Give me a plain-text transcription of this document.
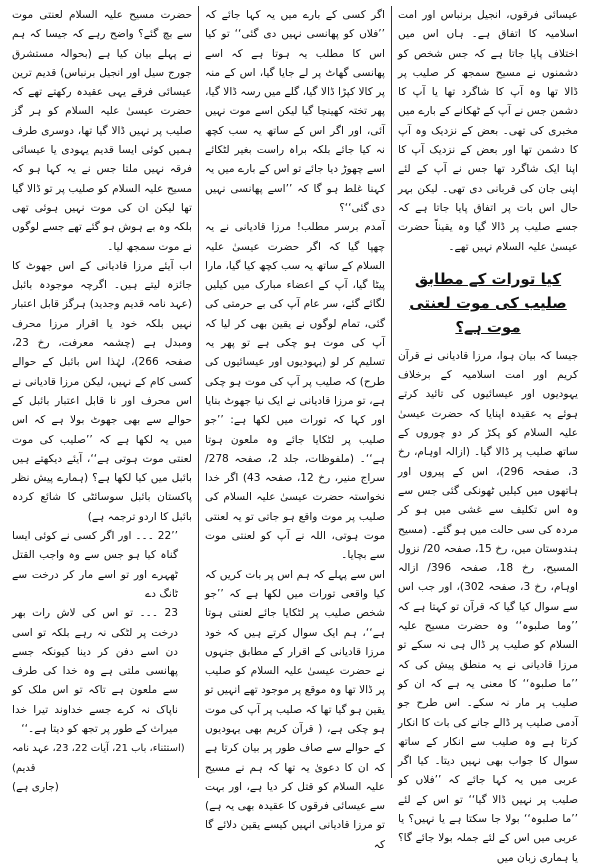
عیسائی فرقوں، انجیل برنباس اور امت اسلامیہ کا اتفاق ہے۔ ہاں اس میں اختلاف پایا جاتا ہے کہ جس شخص کو دشمنوں نے مسیح سمجھ کر صلیب پر ڈالا تھا وہ آپ کا شاگرد تھا یا آپ کا دشمن جس نے آپ کے ٹھکانے کے بارے میں مخبری کی تھی۔ بعض کے نزدیک وہ آپ کا دشمن تھا اور بعض کے نزدیک آپ کا اپنا ایک شاگرد تھا جس نے آپ کے لئے اپنی جان کی قربانی دی تھی۔ لیکن بہر حال اس بات پر اتفاق پایا جاتا ہے کہ جسے صلیب پر ڈالا گیا وہ یقیناً حضرت عیسیٰ علیہ السلام نہیں تھے۔

کیا تورات کے مطابق صلیب کی موت لعنتی موت ہے؟

جیسا کہ بیان ہوا، مرزا قادیانی نے قرآن کریم اور امت اسلامیہ کے برخلاف یہودیوں اور عیسائیوں کی تائید کرتے ہوئے یہ عقیدہ اپنایا کہ حضرت عیسیٰ علیہ السلام کو پکڑ کر دو چوروں کے ساتھ صلیب پر ڈالا گیا۔ (ازالہ اوہام، رخ 3، صفحہ 296)، اس کے پیروں اور ہاتھوں میں کیلیں ٹھونکی گئی جس سے وہ اس تکلیف سے غشی میں ہو کر مردہ کی سی حالت میں ہو گئے۔ (مسیح ہندوستان میں، رخ 15، صفحہ 20/ نزول المسیح، رخ 18، صفحہ 396/ ازالہ اوہام، رخ 3، صفحہ 302)، اور جب اس سے سوال کیا گیا کہ قرآن تو کہتا ہے کہ ’’وما صلبوہ‘‘ وہ حضرت مسیح علیہ السلام کو صلیب پر ڈال ہی نہ سکے تو مرزا قادیانی نے یہ منطق پیش کی کہ ’’ما صلبوہ‘‘ کا معنی یہ ہے کہ ان کو صلیب پر مار نہ سکے۔ اس طرح جو آدمی صلیب پر ڈالے جانے کی بات کا انکار کرتا ہے وہ صلیب سے انکار کے ساتھ سوال کا جواب بھی نہیں دیتا۔ کیا اگر عربی میں یہ کہا جائے کہ ’’فلاں کو صلیب پر نہیں ڈالا گیا‘‘ تو اس کے لئے ’’ما صلبوہ‘‘ بولا جا سکتا ہے یا نہیں؟ یا عربی میں اس کے لئے جملہ بولا جائے گا؟ یا ہماری زبان میں

اگر کسی کے بارے میں یہ کہا جائے کہ ’’فلاں کو پھانسی نہیں دی گئی‘‘ تو کیا اس کا مطلب یہ ہوتا ہے کہ اسے پھانسی گھاٹ پر لے جایا گیا، اس کے منہ پر کالا کپڑا ڈالا گیا، گلے میں رسہ ڈالا گیا، پھر تختہ کھینچا گیا لیکن اسے موت نہیں آئی، اور اگر اس کے ساتھ یہ سب کچھ نہ کیا جائے بلکہ براہ راست بغیر لٹکائے اسے چھوڑ دیا جائے تو اس کے بارے میں یہ کہنا غلط ہو گا کہ ’’اسے پھانسی نہیں دی گئی‘‘؟

آمدم برسر مطلب! مرزا قادیانی نے یہ چھپا گیا کہ اگر حضرت عیسیٰ علیہ السلام کے ساتھ یہ سب کچھ کیا گیا، مارا پیٹا گیا، آپ کے اعضاء مبارک میں کیلیں لگائے گئے، سر عام آپ کی بے حرمتی کی گئی، تمام لوگوں نے یقین بھی کر لیا کہ آپ کی موت ہو چکی ہے تو پھر یہ تسلیم کر لو (یہودیوں اور عیسائیوں کی طرح) کہ صلیب پر آپ کی موت ہو چکی ہے، تو مرزا قادیانی نے ایک نیا جھوٹ بنایا اور کہا کہ تورات میں لکھا ہے: ’’جو صلیب پر لٹکایا جائے وہ ملعون ہوتا ہے‘‘۔ (ملفوظات، جلد 2، صفحہ 278/ سراج منیر، رخ 12، صفحہ 43) اگر خدا نخواستہ حضرت عیسیٰ علیہ السلام کی صلیب پر موت واقع ہو جاتی تو یہ لعنتی موت ہوتی، اللہ نے آپ کو لعنتی موت سے بچایا۔

اس سے پہلے کہ ہم اس پر بات کریں کہ کیا واقعی تورات میں لکھا ہے کہ ’’جو شخص صلیب پر لٹکایا جائے لعنتی ہوتا ہے‘‘، ہم ایک سوال کرتے ہیں کہ خود مرزا قادیانی کے اقرار کے مطابق جنہوں نے حضرت عیسیٰ علیہ السلام کو صلیب پر ڈالا تھا وہ موقع پر موجود تھے انہیں تو یقین ہو گیا تھا کہ صلیب پر آپ کی موت ہو چکی ہے، ( قرآن کریم بھی یہودیوں کے حوالے سے صاف طور پر بیان کرتا ہے کہ ان کا دعویٰ یہ تھا کہ ہم نے مسیح علیہ السلام کو قتل کر دیا ہے، اور بہت سے عیسائی فرقوں کا عقیدہ بھی یہ ہے) تو مرزا قادیانی انہیں کیسے یقین دلائے گا کہ

حضرت مسیح علیہ السلام لعنتی موت سے بچ گئے؟ واضح رہے کہ جیسا کہ ہم نے پہلے بیان کیا ہے (بحوالہ مستشرق جورج سیل اور انجیل برنباس) قدیم ترین عیسائی فرقے یہی عقیدہ رکھتے تھے کہ حضرت عیسیٰ علیہ السلام کو ہر گز صلیب پر نہیں ڈالا گیا تھا، دوسری طرف ہمیں کوئی ایسا قدیم یہودی یا عیسائی فرقہ نہیں ملتا جس نے یہ کہا ہو کہ مسیح علیہ السلام کو صلیب پر تو ڈالا گیا تھا لیکن ان کی موت نہیں ہوئی تھی بلکہ وہ بے ہوش ہو گئے تھے جسے لوگوں نے موت سمجھ لیا۔

اب آیئے مرزا قادیانی کے اس جھوٹ کا جائزہ لیتے ہیں۔ اگرچہ موجودہ بائبل (عہد نامہ قدیم وجدید) ہرگز قابل اعتبار نہیں بلکہ خود یا اقرار مرزا محرف ومبدل ہے (چشمہ معرفت، رخ 23، صفحہ 266)، لہٰذا اس بائبل کے حوالے کسی کام کے نہیں، لیکن مرزا قادیانی نے اس محرف اور نا قابل اعتبار بائبل کے حوالے سے بھی جھوٹ بولا ہے کہ اس میں یہ لکھا ہے کہ ’’صلیب کی موت لعنتی موت ہوتی ہے‘‘، آیئے دیکھتے ہیں بائبل میں کیا لکھا ہے؟ (ہمارے پیش نظر پاکستان بائبل سوسائٹی کا شائع کردہ بائبل کا اردو ترجمہ ہے)

’’22 ۔۔۔ اور اگر کسی نے کوئی ایسا گناہ کیا ہو جس سے وہ واجب القتل ٹھہرے اور تو اسے مار کر درخت سے ٹانگ دے

23 ۔۔۔ تو اس کی لاش رات بھر درخت پر لٹکی نہ رہے بلکہ تو اسی دن اسے دفن کر دینا کیونکہ جسے پھانسی ملتی ہے وہ خدا کی طرف سے ملعون ہے تاکہ تو اس ملک کو ناپاک نہ کرے جسے خداوند تیرا خدا میراث کے طور پر تجھ کو دیتا ہے۔‘‘

(استثناء، باب 21، آیات 22، 23، عہد نامہ قدیم)

(جاری ہے)
